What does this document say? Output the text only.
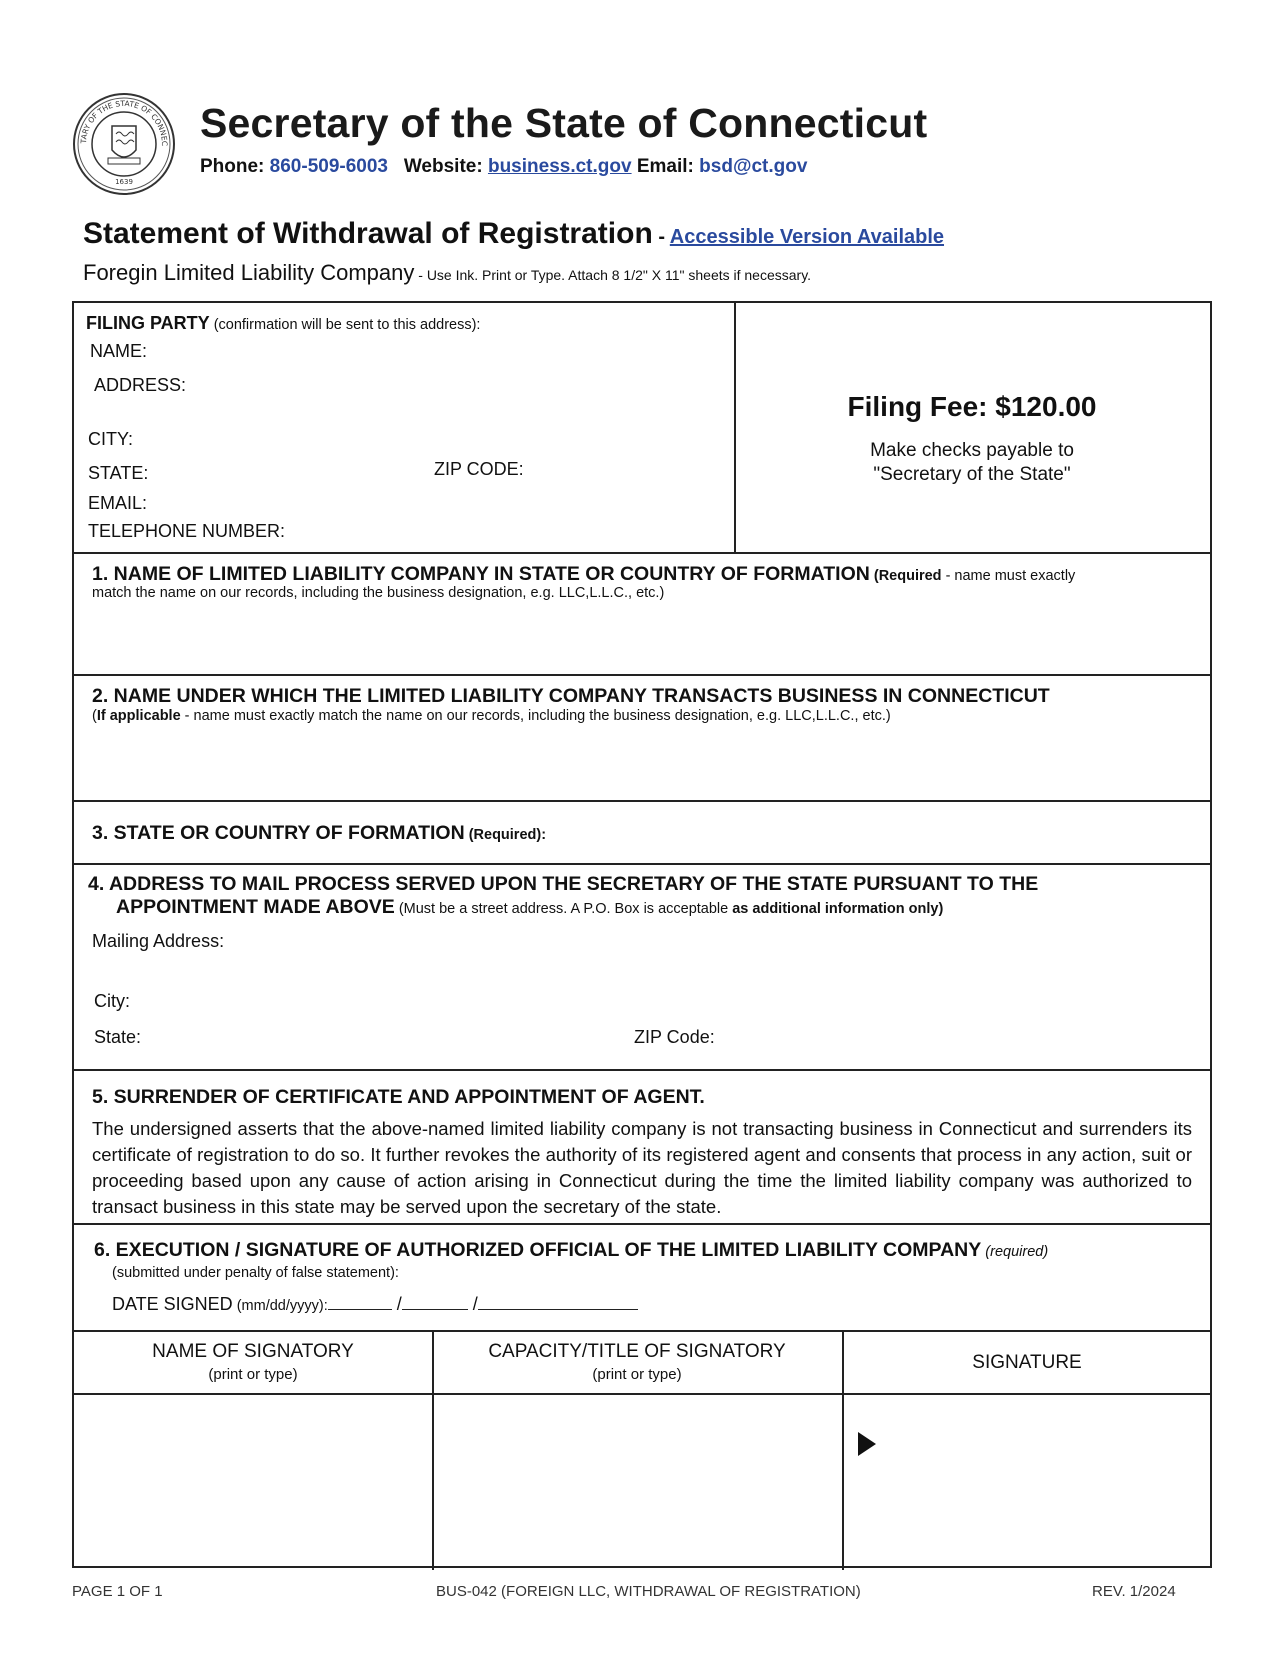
1639
TARY OF THE STATE OF CONNEC Secretary of the State of Connecticut
Phone: 860-509-6003 Website: business.ct.gov Email: bsd@ct.gov
Statement of Withdrawal of Registration - Accessible Version Available
Foregin Limited Liability Company - Use Ink. Print or Type. Attach 8 1/2" X 11" sheets if necessary.
FILING PARTY (confirmation will be sent to this address):
NAME:
ADDRESS:
CITY:
STATE:	ZIP CODE:
EMAIL:
TELEPHONE NUMBER:
Filing Fee: $120.00
Make checks payable to
"Secretary of the State"
1. NAME OF LIMITED LIABILITY COMPANY IN STATE OR COUNTRY OF FORMATION (Required - name must exactly
match the name on our records, including the business designation, e.g. LLC,L.L.C., etc.)
2. NAME UNDER WHICH THE LIMITED LIABILITY COMPANY TRANSACTS BUSINESS IN CONNECTICUT
(If applicable - name must exactly match the name on our records, including the business designation, e.g. LLC,L.L.C., etc.)
3. STATE OR COUNTRY OF FORMATION (Required):
4. ADDRESS TO MAIL PROCESS SERVED UPON THE SECRETARY OF THE STATE PURSUANT TO THE
APPOINTMENT MADE ABOVE (Must be a street address. A P.O. Box is acceptable as additional information only)
Mailing Address:
City:
State:	ZIP Code:
5. SURRENDER OF CERTIFICATE AND APPOINTMENT OF AGENT.
The undersigned asserts that the above-named limited liability company is not transacting business in Connecticut and surrenders its certificate of registration to do so. It further revokes the authority of its registered agent and consents that process in any action, suit or proceeding based upon any cause of action arising in Connecticut during the time the limited liability company was authorized to transact business in this state may be served upon the secretary of the state.
6. EXECUTION / SIGNATURE OF AUTHORIZED OFFICIAL OF THE LIMITED LIABILITY COMPANY (required)
(submitted under penalty of false statement):
DATE SIGNED (mm/dd/yyyy):	/	/
NAME OF SIGNATORY
(print or type)
CAPACITY/TITLE OF SIGNATORY
(print or type)
SIGNATURE
PAGE 1 OF 1	BUS-042 (FOREIGN LLC, WITHDRAWAL OF REGISTRATION)	REV. 1/2024
